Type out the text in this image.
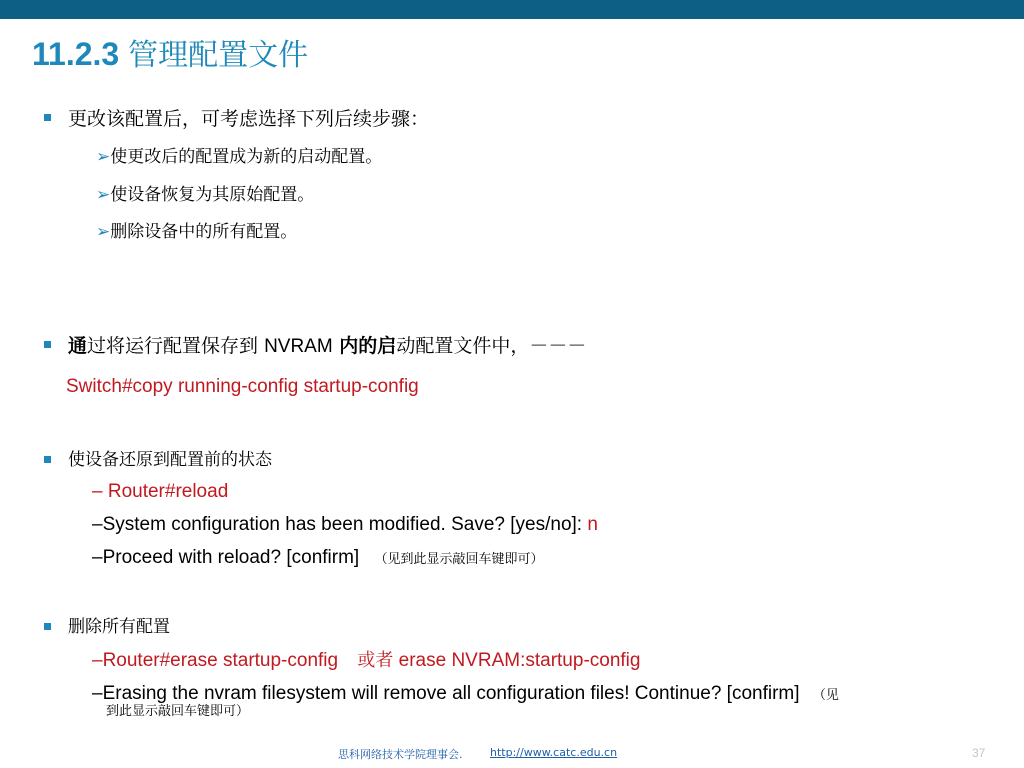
11.2.3 管理配置文件
更改该配置后，可考虑选择下列后续步骤：
➢使更改后的配置成为新的启动配置。
➢使设备恢复为其原始配置。
➢删除设备中的所有配置。
通过将运行配置保存到 NVRAM 内的启动配置文件中，－－－
Switch#copy running-config startup-config
使设备还原到配置前的状态
– Router#reload
–System configuration has been modified. Save? [yes/no]: n
–Proceed with reload? [confirm] （见到此显示敲回车键即可）
删除所有配置
–Router#erase startup-config 或者 erase NVRAM:startup-config
–Erasing the nvram filesystem will remove all configuration files! Continue? [confirm] （见
到此显示敲回车键即可）
思科网络技术学院理事会.	http://www.catc.edu.cn	37
